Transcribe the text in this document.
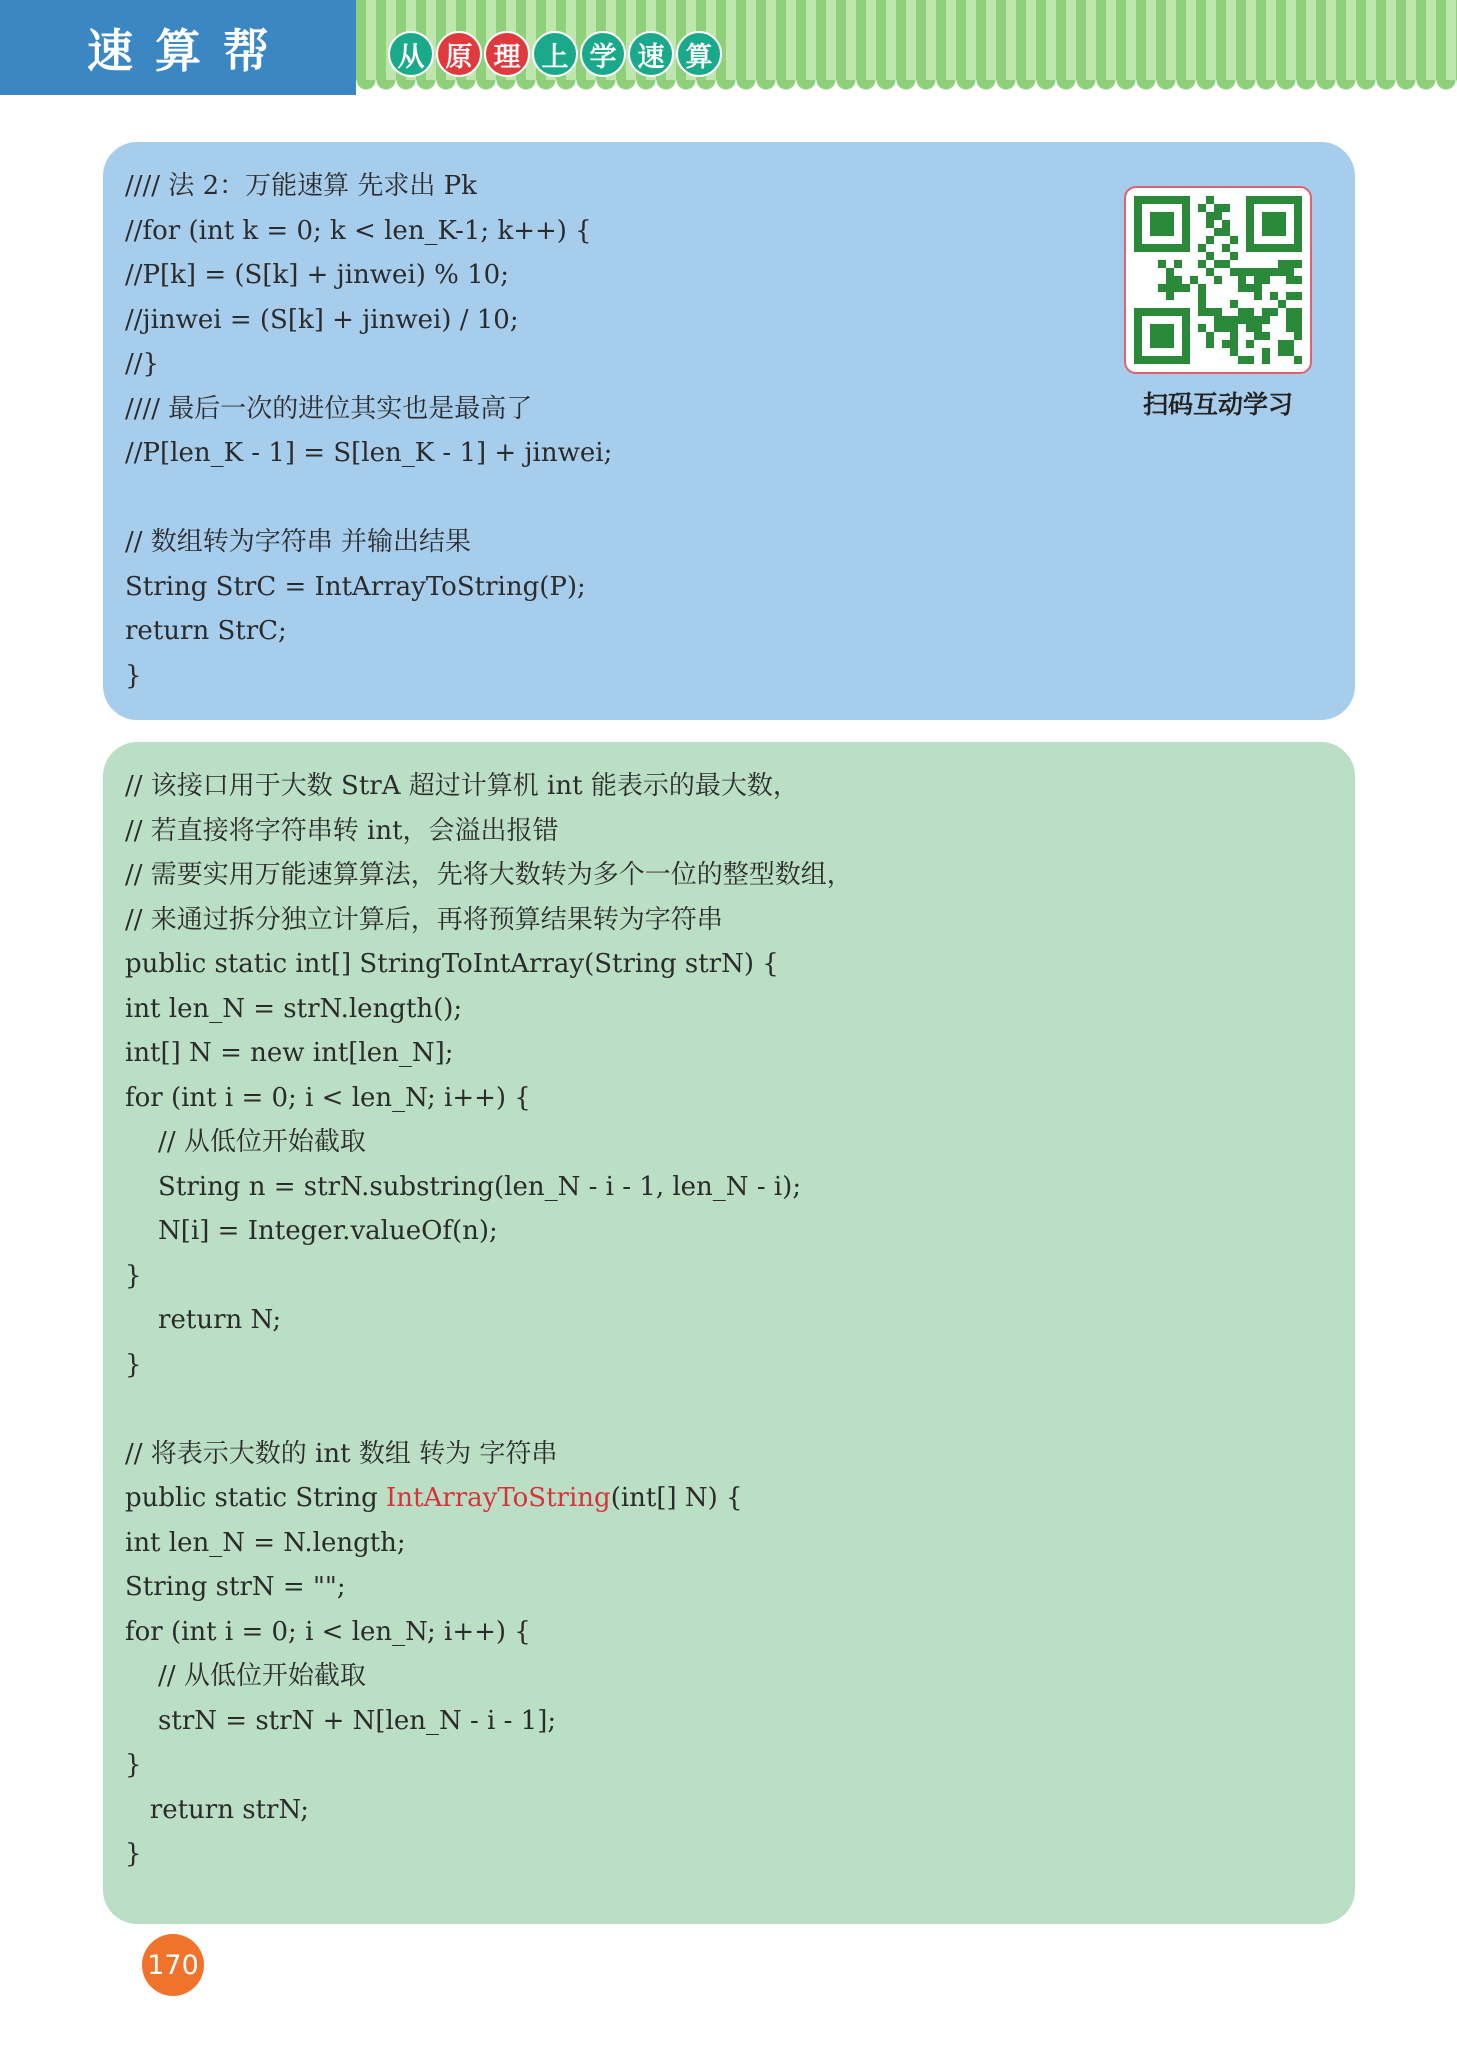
速算帮	从 原 理 上 学 速 算
//// 法 2：万能速算 先求出 Pk
//for (int k = 0; k < len_K-1; k++) {
//P[k] = (S[k] + jinwei) % 10;
//jinwei = (S[k] + jinwei) / 10;
//}
//// 最后一次的进位其实也是最高了
//P[len_K - 1] = S[len_K - 1] + jinwei;
// 数组转为字符串 并输出结果
String StrC = IntArrayToString(P);
return StrC;
}
扫码互动学习
// 该接口用于大数 StrA 超过计算机 int 能表示的最大数，
// 若直接将字符串转 int，会溢出报错
// 需要实用万能速算算法，先将大数转为多个一位的整型数组，
// 来通过拆分独立计算后，再将预算结果转为字符串
public static int[] StringToIntArray(String strN) {
int len_N = strN.length();
int[] N = new int[len_N];
for (int i = 0; i < len_N; i++) {
// 从低位开始截取
String n = strN.substring(len_N - i - 1, len_N - i);
N[i] = Integer.valueOf(n);
}
return N;
}
// 将表示大数的 int 数组 转为 字符串
public static String IntArrayToString(int[] N) {
int len_N = N.length;
String strN = "";
for (int i = 0; i < len_N; i++) {
// 从低位开始截取
strN = strN + N[len_N - i - 1];
}
return strN;
}
170
